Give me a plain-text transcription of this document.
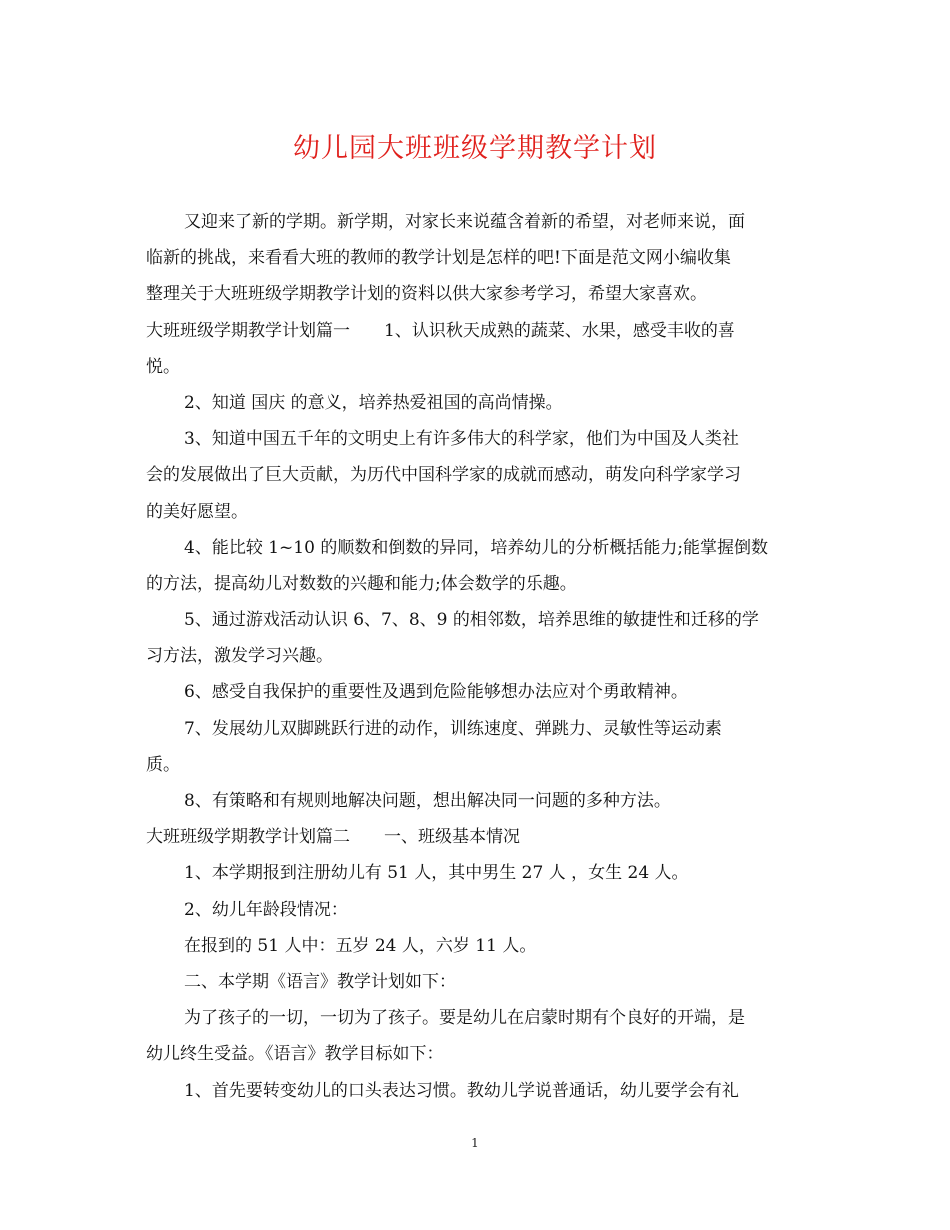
幼儿园大班班级学期教学计划
又迎来了新的学期。新学期，对家长来说蕴含着新的希望，对老师来说，面
临新的挑战，来看看大班的教师的教学计划是怎样的吧!下面是范文网小编收集
整理关于大班班级学期教学计划的资料以供大家参考学习，希望大家喜欢。
大班班级学期教学计划篇一　　1、认识秋天成熟的蔬菜、水果，感受丰收的喜
悦。
2、知道 国庆 的意义，培养热爱祖国的高尚情操。
3、知道中国五千年的文明史上有许多伟大的科学家，他们为中国及人类社
会的发展做出了巨大贡献，为历代中国科学家的成就而感动，萌发向科学家学习
的美好愿望。
4、能比较 1~10 的顺数和倒数的异同，培养幼儿的分析概括能力;能掌握倒数
的方法，提高幼儿对数数的兴趣和能力;体会数学的乐趣。
5、通过游戏活动认识 6、7、8、9 的相邻数，培养思维的敏捷性和迁移的学
习方法，激发学习兴趣。
6、感受自我保护的重要性及遇到危险能够想办法应对个勇敢精神。
7、发展幼儿双脚跳跃行进的动作，训练速度、弹跳力、灵敏性等运动素
质。
8、有策略和有规则地解决问题，想出解决同一问题的多种方法。
大班班级学期教学计划篇二　　一、班级基本情况
1、本学期报到注册幼儿有 51 人，其中男生 27 人 ，女生 24 人。
2、幼儿年龄段情况：
在报到的 51 人中：五岁 24 人，六岁 11 人。
二、本学期《语言》教学计划如下：
为了孩子的一切，一切为了孩子。要是幼儿在启蒙时期有个良好的开端，是
幼儿终生受益。《语言》教学目标如下：
1、首先要转变幼儿的口头表达习惯。教幼儿学说普通话，幼儿要学会有礼
1
